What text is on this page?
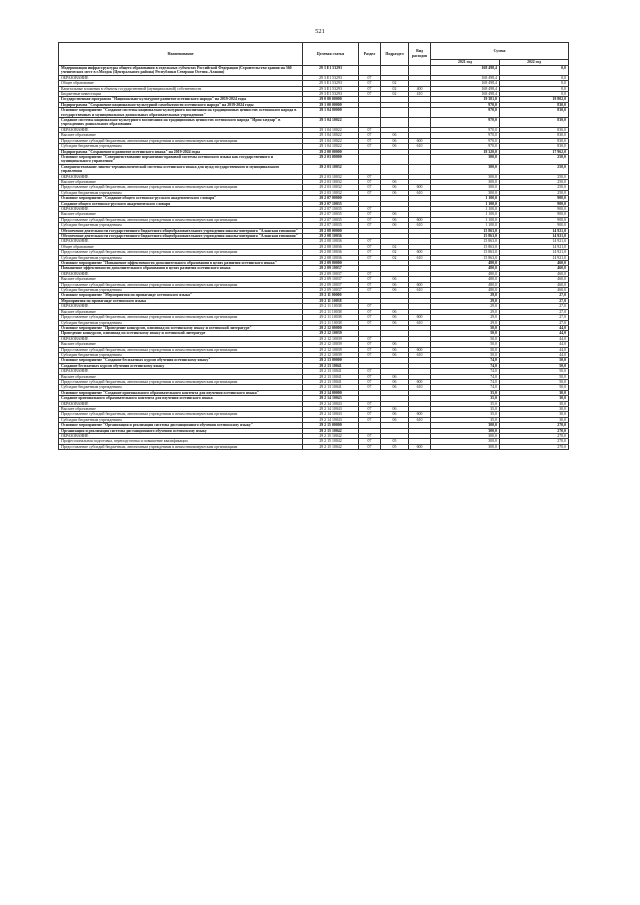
521
Наименование	Целевая статья	Раздел	Подраздел	Вид расходов	Сумма	
					2021 год	2022 год
Модернизация инфраструктуры общего образования в отдельных субъектах Российской Федерации (Строительство здания на 360 ученических мест в г.Моздок (Центрального района) Республики Северная Осетия–Алания)	29 3 E1 53293				168 498,4	0,0
ОБРАЗОВАНИЕ	29 3 E1 53293	07			168 498,4	0,0
Общее образование	29 3 E1 53293	07	02		168 498,4	0,0
Капитальные вложения в объекты государственной (муниципальной) собственности	29 3 E1 53293	07	02	400	168 498,4	0,0
Бюджетные инвестиции	29 3 E1 53293	07	02	410	168 498,4	0,0
Государственная программа "Национально-культурное развитие осетинского народа" на 2019-2024 годы	29 0 00 00000				19 381,0	19 802,0
Подпрограмма "Сохранение национально-культурной самобытности осетинского народа" на 2019-2024 годы	29 1 00 00000				970,0	830,0
Основное мероприятие "Создание системы национально-культурного воспитания на традиционных ценностях осетинского народа в государственных и муниципальных дошкольных образовательных учреждениях"	29 1 04 00000				970,0	830,0
Создание системы национально-культурного воспитания на традиционных ценностях осетинского народа "Ирон хæдзар" в учреждениях дошкольного образования	29 1 04 10022				970,0	830,0
ОБРАЗОВАНИЕ	29 1 04 10022	07			970,0	830,0
Высшее образование	29 1 04 10022	07	06		970,0	830,0
Предоставление субсидий бюджетным, автономным учреждениям и иным некоммерческим организациям	29 1 04 10022	07	06	600	970,0	830,0
Субсидии бюджетным учреждениям	29 1 04 10022	07	06	610	970,0	830,0
Подпрограмма "Сохранение и развитие осетинского языка" на 2019-2024 годы	29 2 00 00000				18 320,0	17 962,0
Основное мероприятие "Совершенствование нормативно-правовой системы осетинского языка как государственного и муниципального управления"	29 2 03 00000				300,0	250,0
Совершенствование лингво-терминологической системы осетинского языка для нужд государственного и муниципального управления	29 2 03 10032				300,0	250,0
ОБРАЗОВАНИЕ	29 2 03 10032	07			300,0	250,0
Высшее образование	29 2 03 10032	07	06		300,0	250,0
Предоставление субсидий бюджетным, автономным учреждениям и иным некоммерческим организациям	29 2 03 10032	07	06	600	300,0	250,0
Субсидии бюджетным учреждениям	29 2 03 10032	07	06	610	300,0	250,0
Основное мероприятие "Создание общего осетинско-русского академического словаря"	29 2 07 00000				1 100,0	900,0
Создание общего осетинско-русского академического словаря	29 2 07 10035				1 100,0	900,0
ОБРАЗОВАНИЕ	29 2 07 10035	07			1 100,0	900,0
Высшее образование	29 2 07 10035	07	06		1 100,0	900,0
Предоставление субсидий бюджетным, автономным учреждениям и иным некоммерческим организациям	29 2 07 10035	07	06	600	1 100,0	900,0
Субсидии бюджетным учреждениям	29 2 07 10035	07	06	610	1 100,0	900,0
Обеспечение деятельности государственного бюджетного общеобразовательного учреждения школы-интерната "Аланская гимназия"	29 2 08 00000				15 863,0	14 921,0
Обеспечение деятельности государственного бюджетного общеобразовательного учреждения школы-интерната "Аланская гимназия"	29 2 08 10036				15 863,0	14 921,0
ОБРАЗОВАНИЕ	29 2 08 10036	07			15 863,0	14 921,0
Общее образование	29 2 08 10036	07	02		15 863,0	14 921,0
Предоставление субсидий бюджетным, автономным учреждениям и иным некоммерческим организациям	29 2 08 10036	07	02	600	15 863,0	14 921,0
Субсидии бюджетным учреждениям	29 2 08 10036	07	02	610	15 863,0	14 921,0
Основное мероприятие "Повышение эффективности дополнительного образования в целях развития осетинского языка"	29 2 09 00000				480,0	460,0
Повышение эффективности дополнительного образования в целях развития осетинского языка	29 2 09 10037				480,0	460,0
ОБРАЗОВАНИЕ	29 2 09 10037	07			480,0	460,0
Высшее образование	29 2 09 10037	07	06		480,0	460,0
Предоставление субсидий бюджетным, автономным учреждениям и иным некоммерческим организациям	29 2 09 10037	07	06	600	480,0	460,0
Субсидии бюджетным учреждениям	29 2 09 10037	07	06	610	480,0	460,0
Основное мероприятие "Мероприятия по пропаганде осетинского языка"	29 2 11 00000				29,0	27,0
Мероприятия по пропаганде осетинского языка	29 2 11 10038				29,0	27,0
ОБРАЗОВАНИЕ	29 2 11 10038	07			29,0	27,0
Высшее образование	29 2 11 10038	07	06		29,0	27,0
Предоставление субсидий бюджетным, автономным учреждениям и иным некоммерческим организациям	29 2 11 10038	07	06	600	29,0	27,0
Субсидии бюджетным учреждениям	29 2 11 10038	07	06	610	29,0	27,0
Основное мероприятие "Проведение конкурсов, олимпиад по осетинскому языку и осетинской литературе"	29 2 12 00000				50,0	44,0
Проведение конкурсов, олимпиад по осетинскому языку и осетинской литературе	29 2 12 10039				50,0	44,0
ОБРАЗОВАНИЕ	29 2 12 10039	07			50,0	44,0
Высшее образование	29 2 12 10039	07	06		50,0	44,0
Предоставление субсидий бюджетным, автономным учреждениям и иным некоммерческим организациям	29 2 12 10039	07	06	600	50,0	44,0
Субсидии бюджетным учреждениям	29 2 12 10039	07	06	610	50,0	44,0
Основное мероприятие "Создание бесплатных курсов обучения осетинскому языку"	29 2 13 00000				74,0	50,0
Создание бесплатных курсов обучения осетинскому языку	29 2 13 10041				74,0	50,0
ОБРАЗОВАНИЕ	29 2 13 10041	07			74,0	50,0
Высшее образование	29 2 13 10041	07	06		74,0	50,0
Предоставление субсидий бюджетным, автономным учреждениям и иным некоммерческим организациям	29 2 13 10041	07	06	600	74,0	50,0
Субсидии бюджетным учреждениям	29 2 13 10041	07	06	610	74,0	50,0
Основное мероприятие "Создание оригинального образовательного контента для изучения осетинского языка"	29 2 14 00000				35,0	30,0
Создание оригинального образовательного контента для изучения осетинского языка	29 2 14 10043				35,0	30,0
ОБРАЗОВАНИЕ	29 2 14 10043	07			35,0	30,0
Высшее образование	29 2 14 10043	07	06		35,0	30,0
Предоставление субсидий бюджетным, автономным учреждениям и иным некоммерческим организациям	29 2 14 10043	07	06	600	35,0	30,0
Субсидии бюджетным учреждениям	29 2 14 10043	07	06	610	35,0	30,0
Основное мероприятие "Организация и реализация системы дистанционного обучения осетинскому языку"	29 2 15 00000				300,0	270,0
Организация и реализация системы дистанционного обучения осетинскому языку	29 2 15 10042				300,0	270,0
ОБРАЗОВАНИЕ	29 2 15 10042	07			300,0	270,0
Профессиональная подготовка, переподготовка и повышение квалификации	29 2 15 10042	07	05		300,0	270,0
Предоставление субсидий бюджетным, автономным учреждениям и иным некоммерческим организациям	29 2 15 10042	07	05	600	300,0	270,0
